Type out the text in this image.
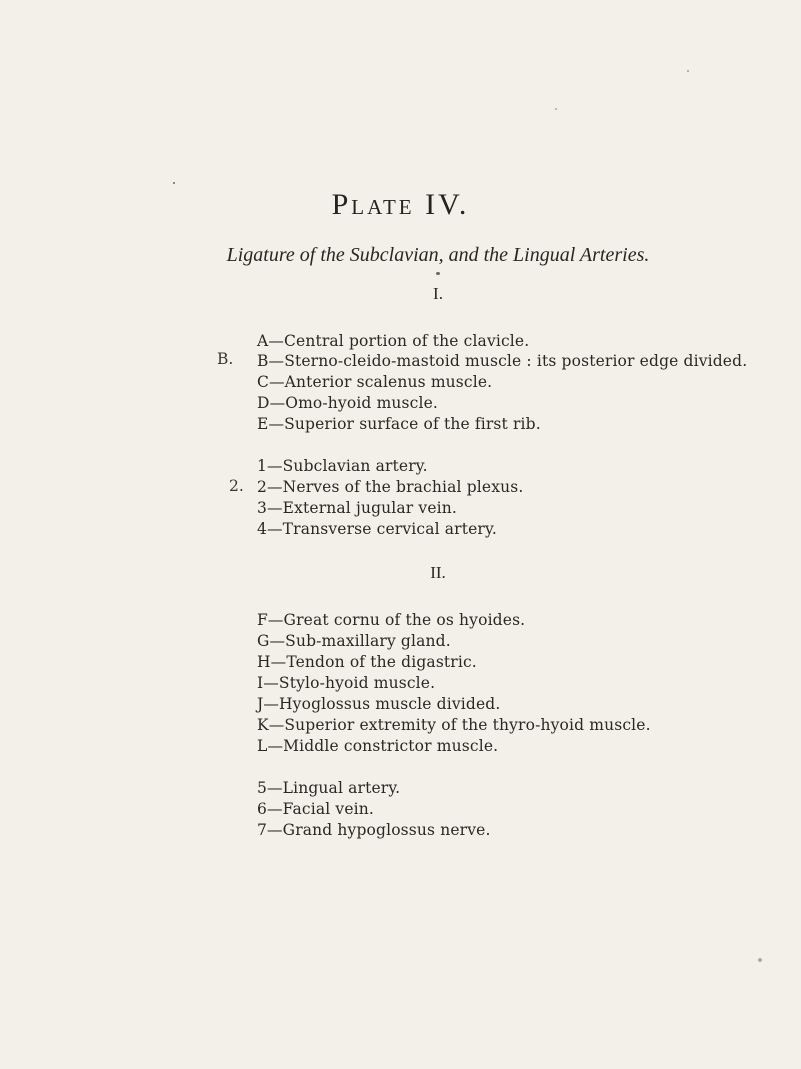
Plate IV.
Ligature of the Subclavian, and the Lingual Arteries.
I.
B.
A—Central portion of the clavicle.
B—Sterno-cleido-mastoid muscle : its posterior edge divided.
C—Anterior scalenus muscle.
D—Omo-hyoid muscle.
E—Superior surface of the first rib.
2.
1—Subclavian artery.
2—Nerves of the brachial plexus.
3—External jugular vein.
4—Transverse cervical artery.
II.
F—Great cornu of the os hyoides.
G—Sub-maxillary gland.
H—Tendon of the digastric.
I—Stylo-hyoid muscle.
J—Hyoglossus muscle divided.
K—Superior extremity of the thyro-hyoid muscle.
L—Middle constrictor muscle.
5—Lingual artery.
6—Facial vein.
7—Grand hypoglossus nerve.
